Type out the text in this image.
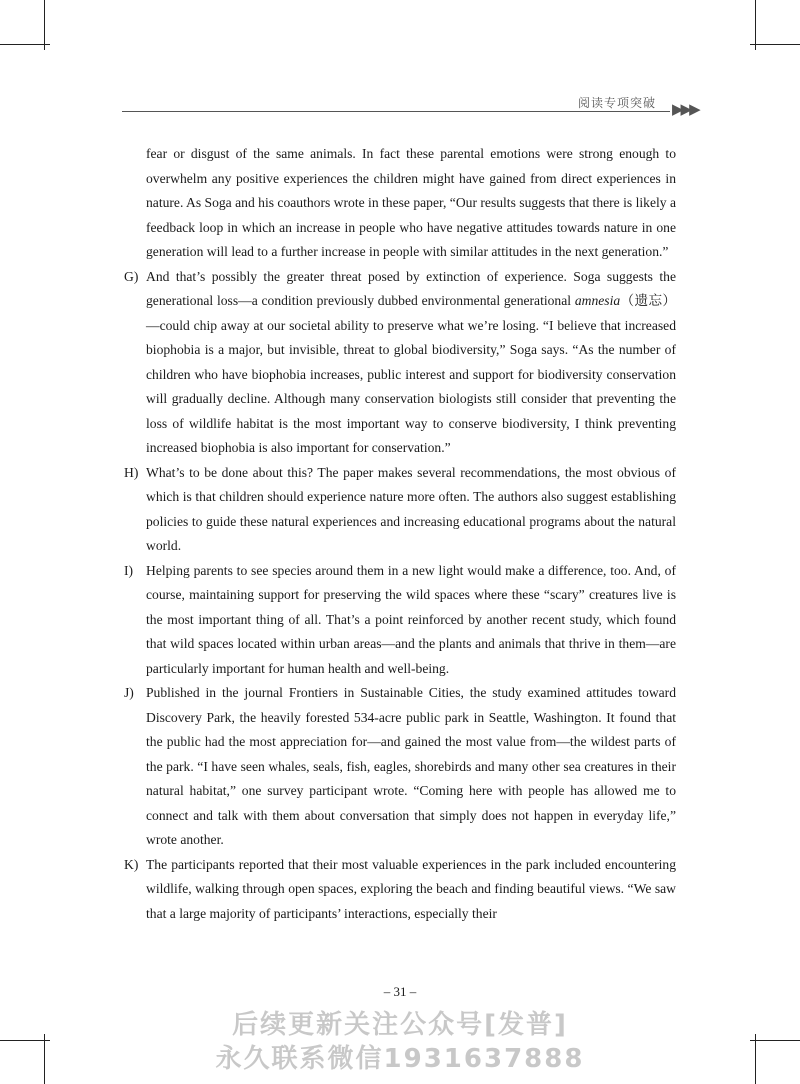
阅读专项突破 ▶▶▶

fear or disgust of the same animals. In fact these parental emotions were strong enough to overwhelm any positive experiences the children might have gained from direct experiences in nature. As Soga and his coauthors wrote in these paper, “Our results suggests that there is likely a feedback loop in which an increase in people who have negative attitudes towards nature in one generation will lead to a further increase in people with similar attitudes in the next generation.”

G) And that’s possibly the greater threat posed by extinction of experience. Soga suggests the generational loss—a condition previously dubbed environmental generational amnesia（遗忘）—could chip away at our societal ability to preserve what we’re losing. “I believe that increased biophobia is a major, but invisible, threat to global biodiversity,” Soga says. “As the number of children who have biophobia increases, public interest and support for biodiversity conservation will gradually decline. Although many conservation biologists still consider that preventing the loss of wildlife habitat is the most important way to conserve biodiversity, I think preventing increased biophobia is also important for conservation.”
H) What’s to be done about this? The paper makes several recommendations, the most obvious of which is that children should experience nature more often. The authors also suggest establishing policies to guide these natural experiences and increasing educational programs about the natural world.
I) Helping parents to see species around them in a new light would make a difference, too. And, of course, maintaining support for preserving the wild spaces where these “scary” creatures live is the most important thing of all. That’s a point reinforced by another recent study, which found that wild spaces located within urban areas—and the plants and animals that thrive in them—are particularly important for human health and well-being.
J) Published in the journal Frontiers in Sustainable Cities, the study examined attitudes toward Discovery Park, the heavily forested 534-acre public park in Seattle, Washington. It found that the public had the most appreciation for—and gained the most value from—the wildest parts of the park. “I have seen whales, seals, fish, eagles, shorebirds and many other sea creatures in their natural habitat,” one survey participant wrote. “Coming here with people has allowed me to connect and talk with them about conversation that simply does not happen in everyday life,” wrote another.
K) The participants reported that their most valuable experiences in the park included encountering wildlife, walking through open spaces, exploring the beach and finding beautiful views. “We saw that a large majority of participants’ interactions, especially their
– 31 –
后续更新关注公众号[发普]
永久联系微信1931637888
